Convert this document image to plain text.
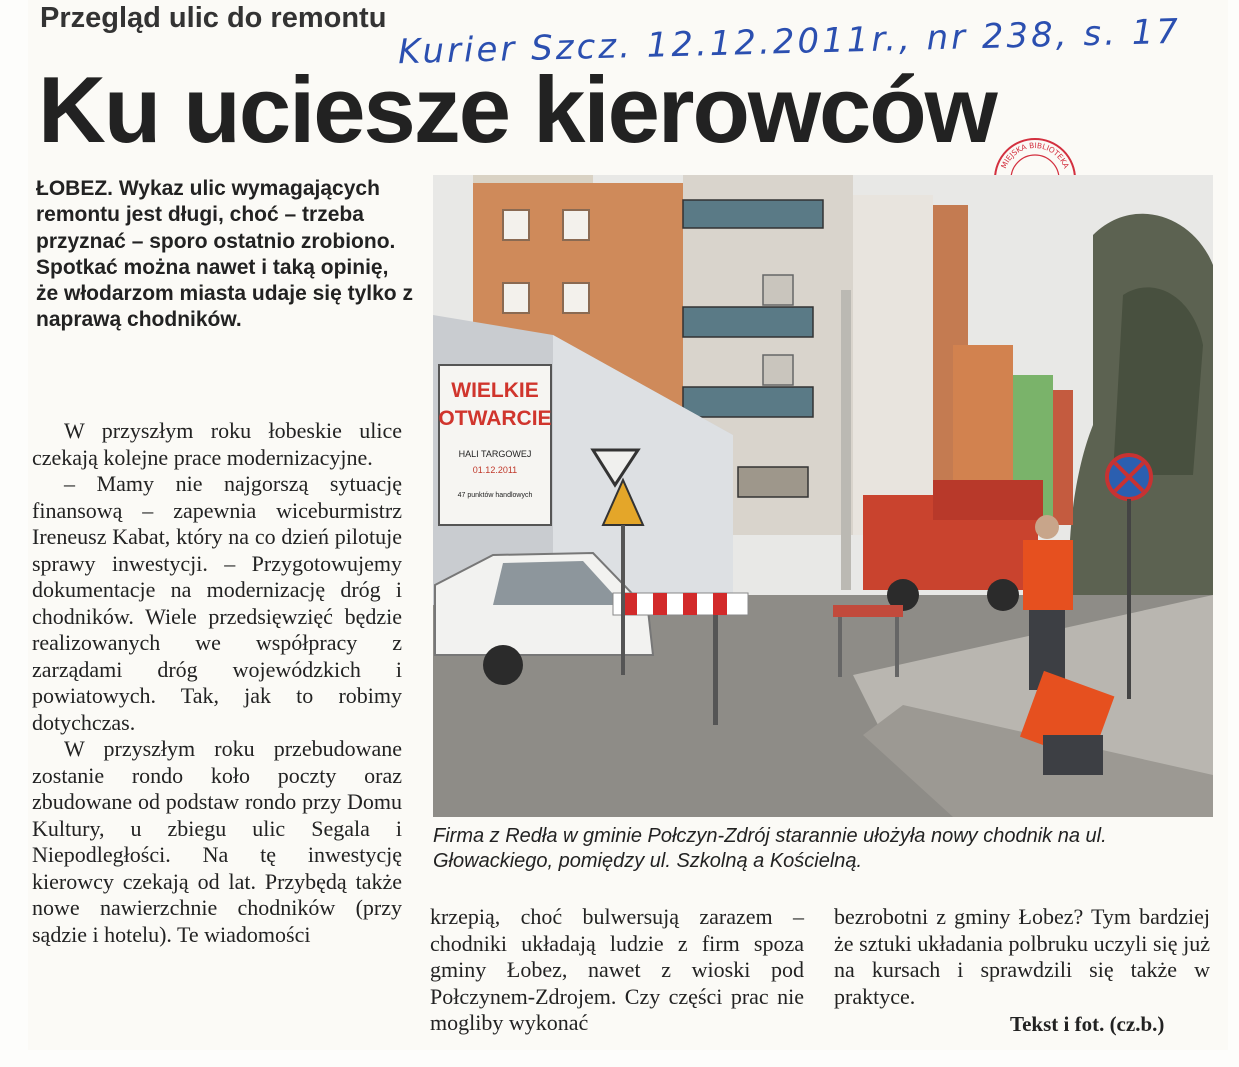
Przegląd ulic do remontu Kurier Szcz. 12.12.2011r., nr 238, s. 17
Ku uciesze kierowców
MIEJSKA BIBLIOTEKA

ŁOBEZ. Wykaz ulic wymagających remontu jest długi, choć – trzeba przyznać – sporo ostatnio zrobiono. Spotkać można nawet i taką opinię, że włodarzom miasta udaje się tylko z naprawą chodników.

W przyszłym roku łobeskie ulice czekają kolejne prace modernizacyjne.

– Mamy nie najgorszą sytuację finansową – zapewnia wiceburmistrz Ireneusz Kabat, który na co dzień pilotuje sprawy inwestycji. – Przygotowujemy dokumentacje na modernizację dróg i chodników. Wiele przedsięwzięć będzie realizowanych we współpracy z zarządami dróg wojewódzkich i powiatowych. Tak, jak to robimy dotychczas.

W przyszłym roku przebudowane zostanie rondo koło poczty oraz zbudowane od podstaw rondo przy Domu Kultury, u zbiegu ulic Segala i Niepodległości. Na tę inwestycję kierowcy czekają od lat. Przybędą także nowe nawierzchnie chodników (przy sądzie i hotelu). Te wiadomości

WIELKIE
OTWARCIE
HALI TARGOWEJ
01.12.2011
47 punktów handlowych

Firma z Redła w gminie Połczyn-Zdrój starannie ułożyła nowy chodnik na ul. Głowackiego, pomiędzy ul. Szkolną a Kościelną.

krzepią, choć bulwersują zarazem – chodniki układają ludzie z firm spoza gminy Łobez, nawet z wioski pod Połczynem-Zdrojem. Czy części prac nie mogliby wykonać

bezrobotni z gminy Łobez? Tym bardziej że sztuki układania polbruku uczyli się już na kursach i sprawdzili się także w praktyce.

Tekst i fot. (cz.b.)
